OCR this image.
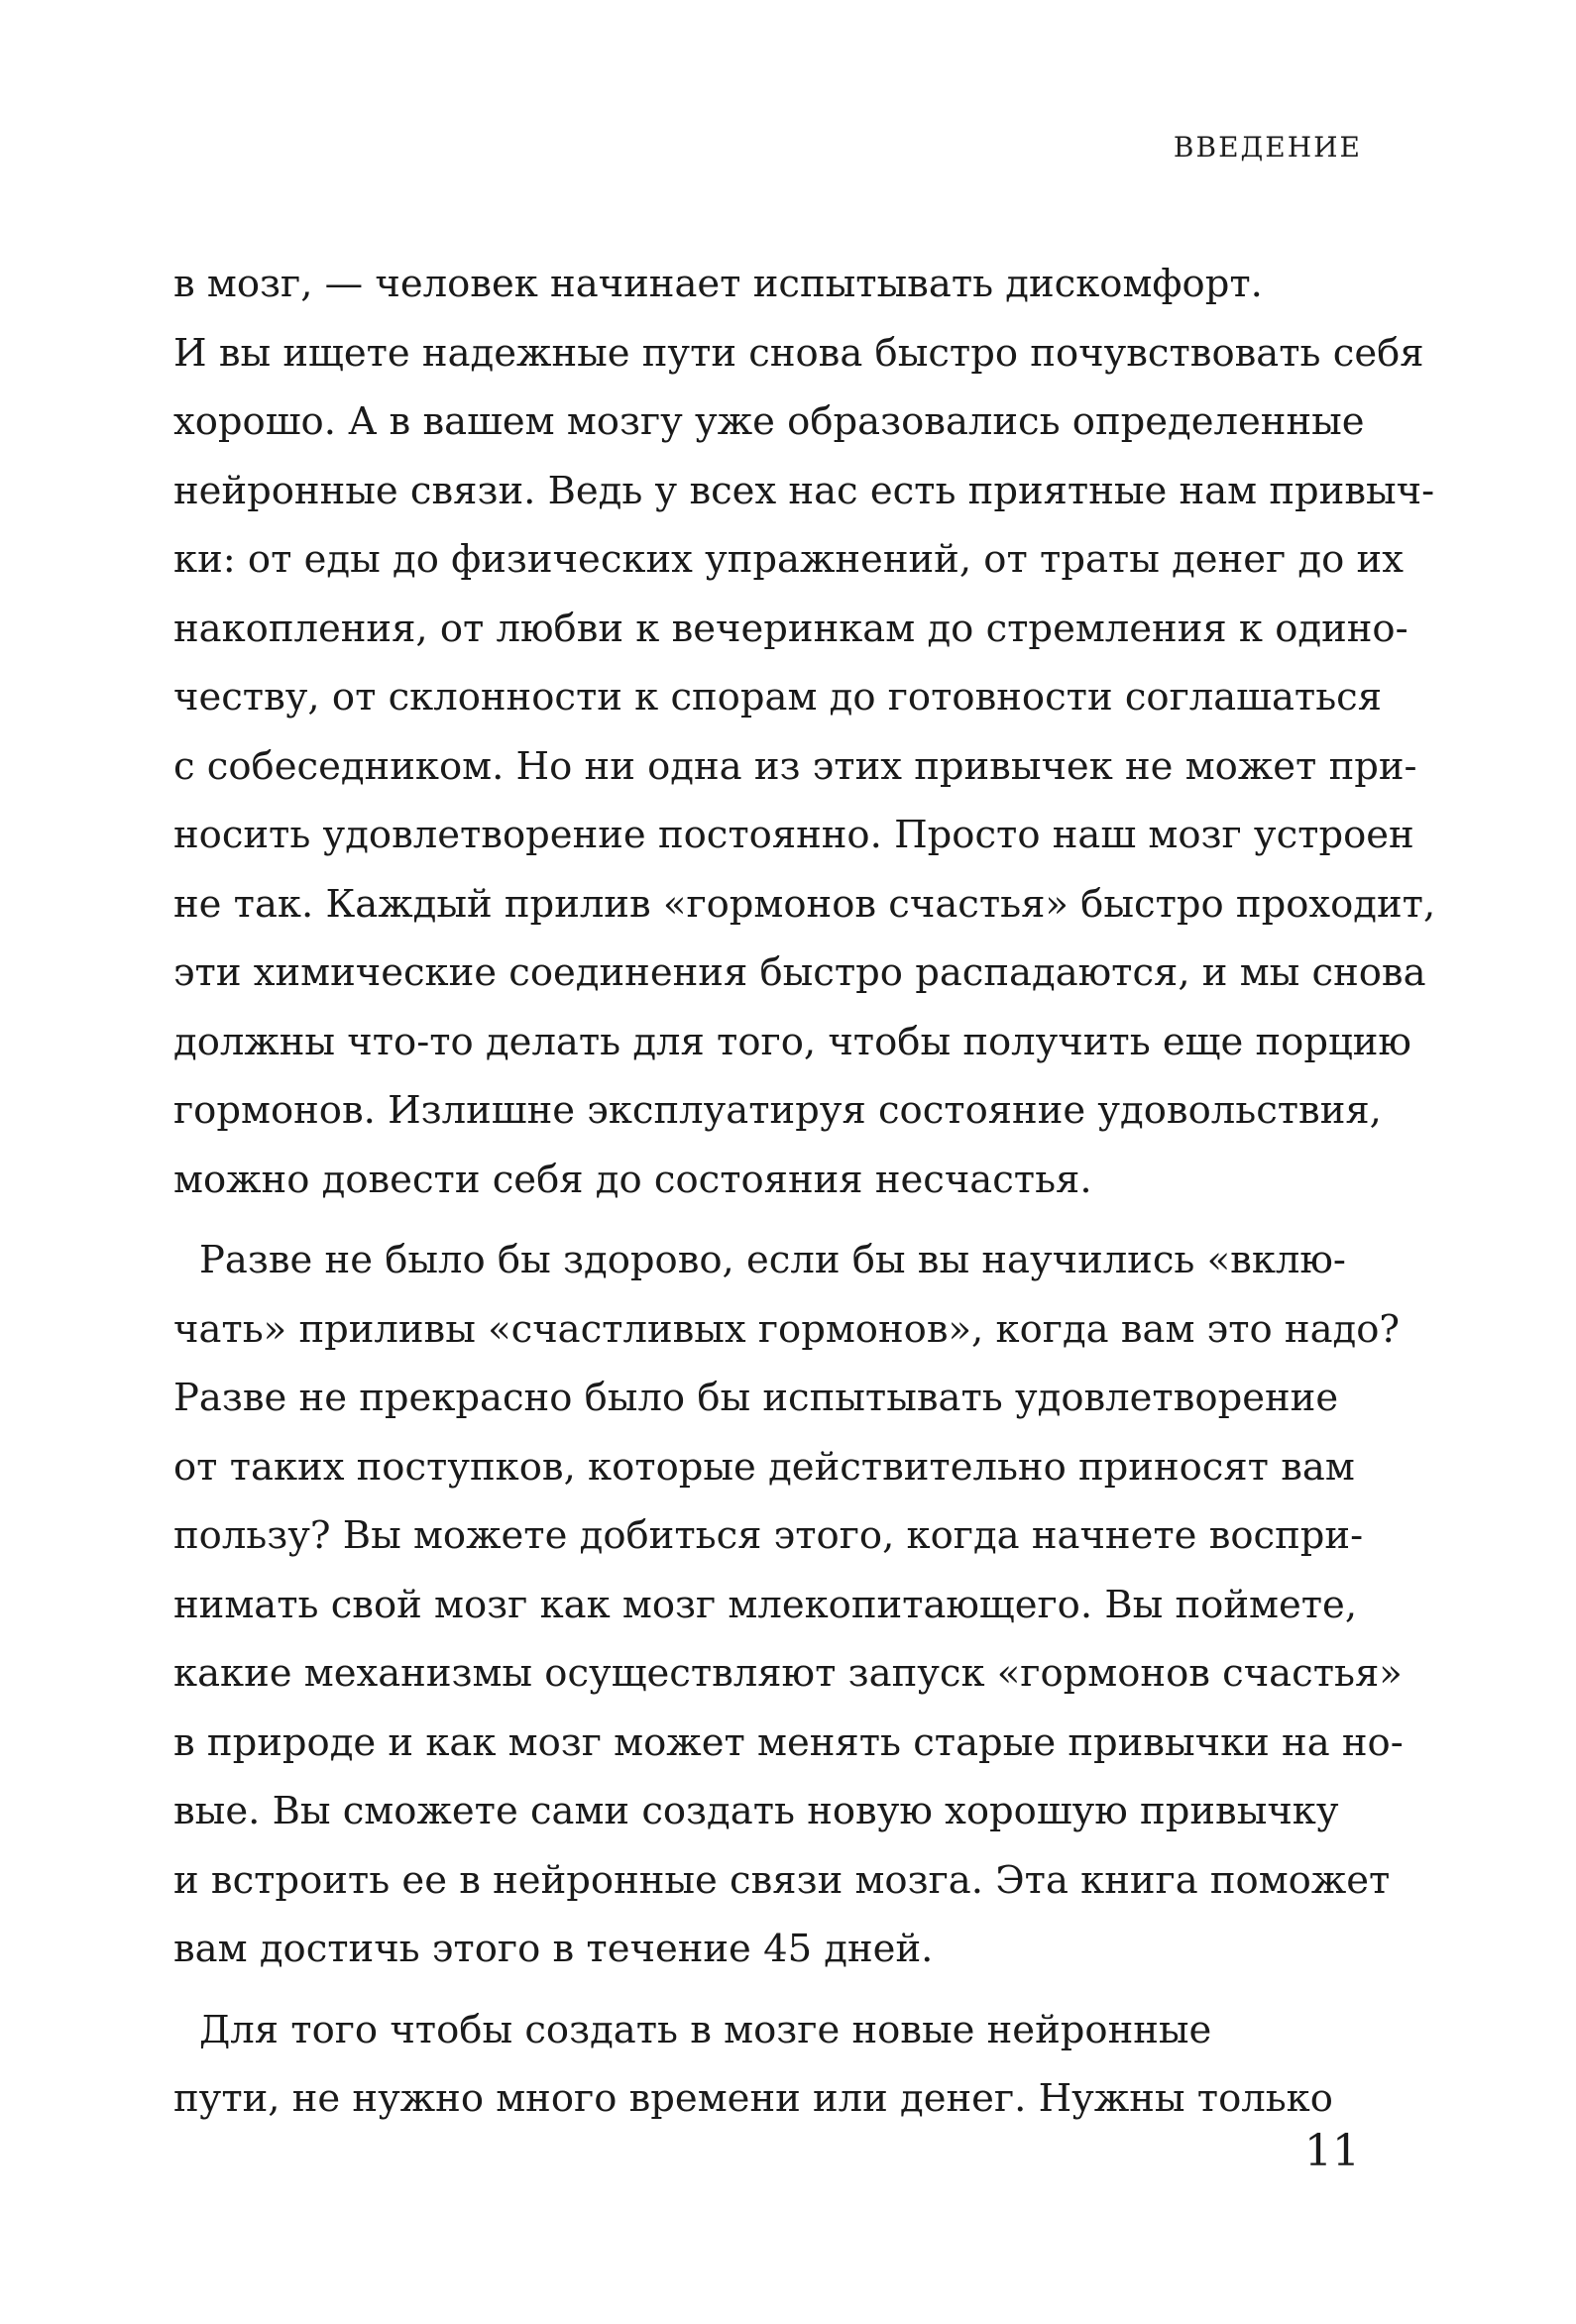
ВВЕДЕНИЕ
в мозг, — человек начинает испытывать дискомфорт.
И вы ищете надежные пути снова быстро почувствовать себя
хорошо. А в вашем мозгу уже образовались определенные
нейронные связи. Ведь у всех нас есть приятные нам привыч-
ки: от еды до физических упражнений, от траты денег до их
накопления, от любви к вечеринкам до стремления к одино-
честву, от склонности к спорам до готовности соглашаться
с собеседником. Но ни одна из этих привычек не может при-
носить удовлетворение постоянно. Просто наш мозг устроен
не так. Каждый прилив «гормонов счастья» быстро проходит,
эти химические соединения быстро распадаются, и мы снова
должны что-то делать для того, чтобы получить еще порцию
гормонов. Излишне эксплуатируя состояние удовольствия,
можно довести себя до состояния несчастья.
Разве не было бы здорово, если бы вы научились «вклю-
чать» приливы «счастливых гормонов», когда вам это надо?
Разве не прекрасно было бы испытывать удовлетворение
от таких поступков, которые действительно приносят вам
пользу? Вы можете добиться этого, когда начнете воспри-
нимать свой мозг как мозг млекопитающего. Вы поймете,
какие механизмы осуществляют запуск «гормонов счастья»
в природе и как мозг может менять старые привычки на но-
вые. Вы сможете сами создать новую хорошую привычку
и встроить ее в нейронные связи мозга. Эта книга поможет
вам достичь этого в течение 45 дней.
Для того чтобы создать в мозге новые нейронные
пути, не нужно много времени или денег. Нужны только
11
